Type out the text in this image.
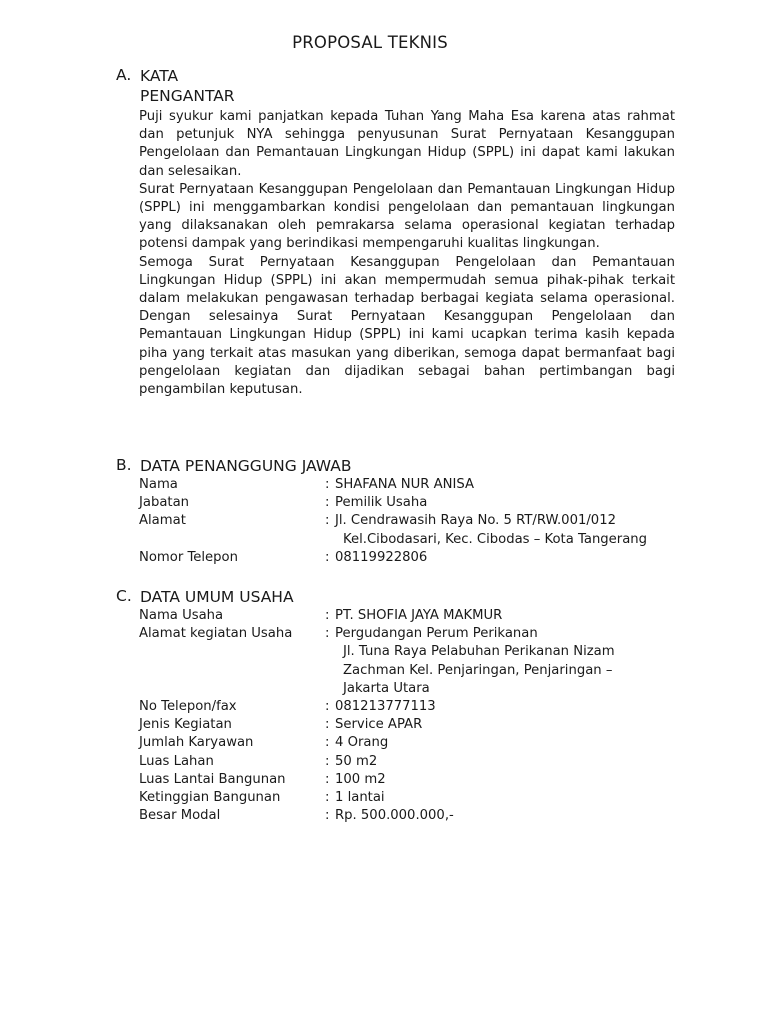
PROPOSAL TEKNIS
A. KATA
PENGANTAR

Puji syukur kami panjatkan kepada Tuhan Yang Maha Esa karena atas rahmat dan petunjuk NYA sehingga penyusunan Surat Pernyataan Kesanggupan Pengelolaan dan Pemantauan Lingkungan Hidup (SPPL) ini dapat kami lakukan dan selesaikan.

Surat Pernyataan Kesanggupan Pengelolaan dan Pemantauan Lingkungan Hidup (SPPL) ini menggambarkan kondisi pengelolaan dan pemantauan lingkungan yang dilaksanakan oleh pemrakarsa selama operasional kegiatan terhadap potensi dampak yang berindikasi mempengaruhi kualitas lingkungan.

Semoga Surat Pernyataan Kesanggupan Pengelolaan dan Pemantauan Lingkungan Hidup (SPPL) ini akan mempermudah semua pihak-pihak terkait dalam melakukan pengawasan terhadap berbagai kegiata selama operasional. Dengan selesainya Surat Pernyataan Kesanggupan Pengelolaan dan Pemantauan Lingkungan Hidup (SPPL) ini kami ucapkan terima kasih kepada piha yang terkait atas masukan yang diberikan, semoga dapat bermanfaat bagi pengelolaan kegiatan dan dijadikan sebagai bahan pertimbangan bagi pengambilan keputusan.

B. DATA PENANGGUNG JAWAB
Nama	: SHAFANA NUR ANISA
Jabatan	: Pemilik Usaha
Alamat	: Jl. Cendrawasih Raya No. 5 RT/RW.001/012
Kel.Cibodasari, Kec. Cibodas – Kota Tangerang
Nomor Telepon	: 08119922806
C. DATA UMUM USAHA
Nama Usaha	: PT. SHOFIA JAYA MAKMUR
Alamat kegiatan Usaha	: Pergudangan Perum Perikanan
Jl. Tuna Raya Pelabuhan Perikanan Nizam
Zachman Kel. Penjaringan, Penjaringan –
Jakarta Utara
No Telepon/fax	: 081213777113
Jenis Kegiatan	: Service APAR
Jumlah Karyawan	: 4 Orang
Luas Lahan	: 50 m2
Luas Lantai Bangunan	: 100 m2
Ketinggian Bangunan	: 1 lantai
Besar Modal	: Rp. 500.000.000,-
